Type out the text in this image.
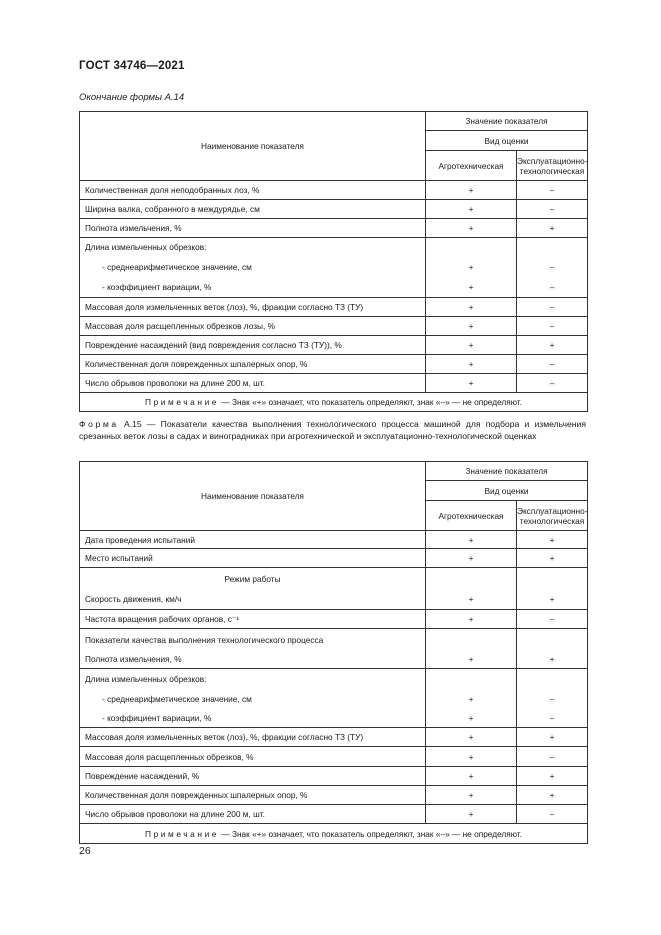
ГОСТ 34746—2021
Окончание формы А.14
Наименование показателя	Значение показателя	
	Вид оценки	
	Агротехническая	Эксплуатационно-технологическая
Количественная доля неподобранных лоз, %	+	–
Ширина валка, собранного в междурядье, см	+	–
Полнота измельчения, %	+	+
Длина измельченных обрезков:		
- среднеарифметическое значение, см	+	–
- коэффициент вариации, %	+	–
Массовая доля измельченных веток (лоз), %, фракции согласно ТЗ (ТУ)	+	–
Массовая доля расщепленных обрезков лозы, %	+	–
Повреждение насаждений (вид повреждения согласно ТЗ (ТУ)), %	+	+
Количественная доля поврежденных шпалерных опор, %	+	–
Число обрывов проволоки на длине 200 м, шт.	+	–
Примечание — Знак «+» означает, что показатель определяют, знак «–» — не определяют.		
Форма А.15 — Показатели качества выполнения технологического процесса машиной для подбора и измельчения срезанных веток лозы в садах и виноградниках при агротехнической и эксплуатационно-технологической оценках
Наименование показателя	Значение показателя	
	Вид оценки	
	Агротехническая	Эксплуатационно-технологическая
Дата проведения испытаний	+	+
Место испытаний	+	+
Режим работы		
Скорость движения, км/ч	+	+
Частота вращения рабочих органов, с⁻¹	+	–
Показатели качества выполнения технологического процесса		
Полнота измельчения, %	+	+
Длина измельченных обрезков:		
- среднеарифметическое значение, см	+	–
- коэффициент вариации, %	+	–
Массовая доля измельченных веток (лоз), %, фракции согласно ТЗ (ТУ)	+	+
Массовая доля расщепленных обрезков, %	+	–
Повреждение насаждений, %	+	+
Количественная доля поврежденных шпалерных опор, %	+	+
Число обрывов проволоки на длине 200 м, шт.	+	–
Примечание — Знак «+» означает, что показатель определяют, знак «–» — не определяют.		
26
